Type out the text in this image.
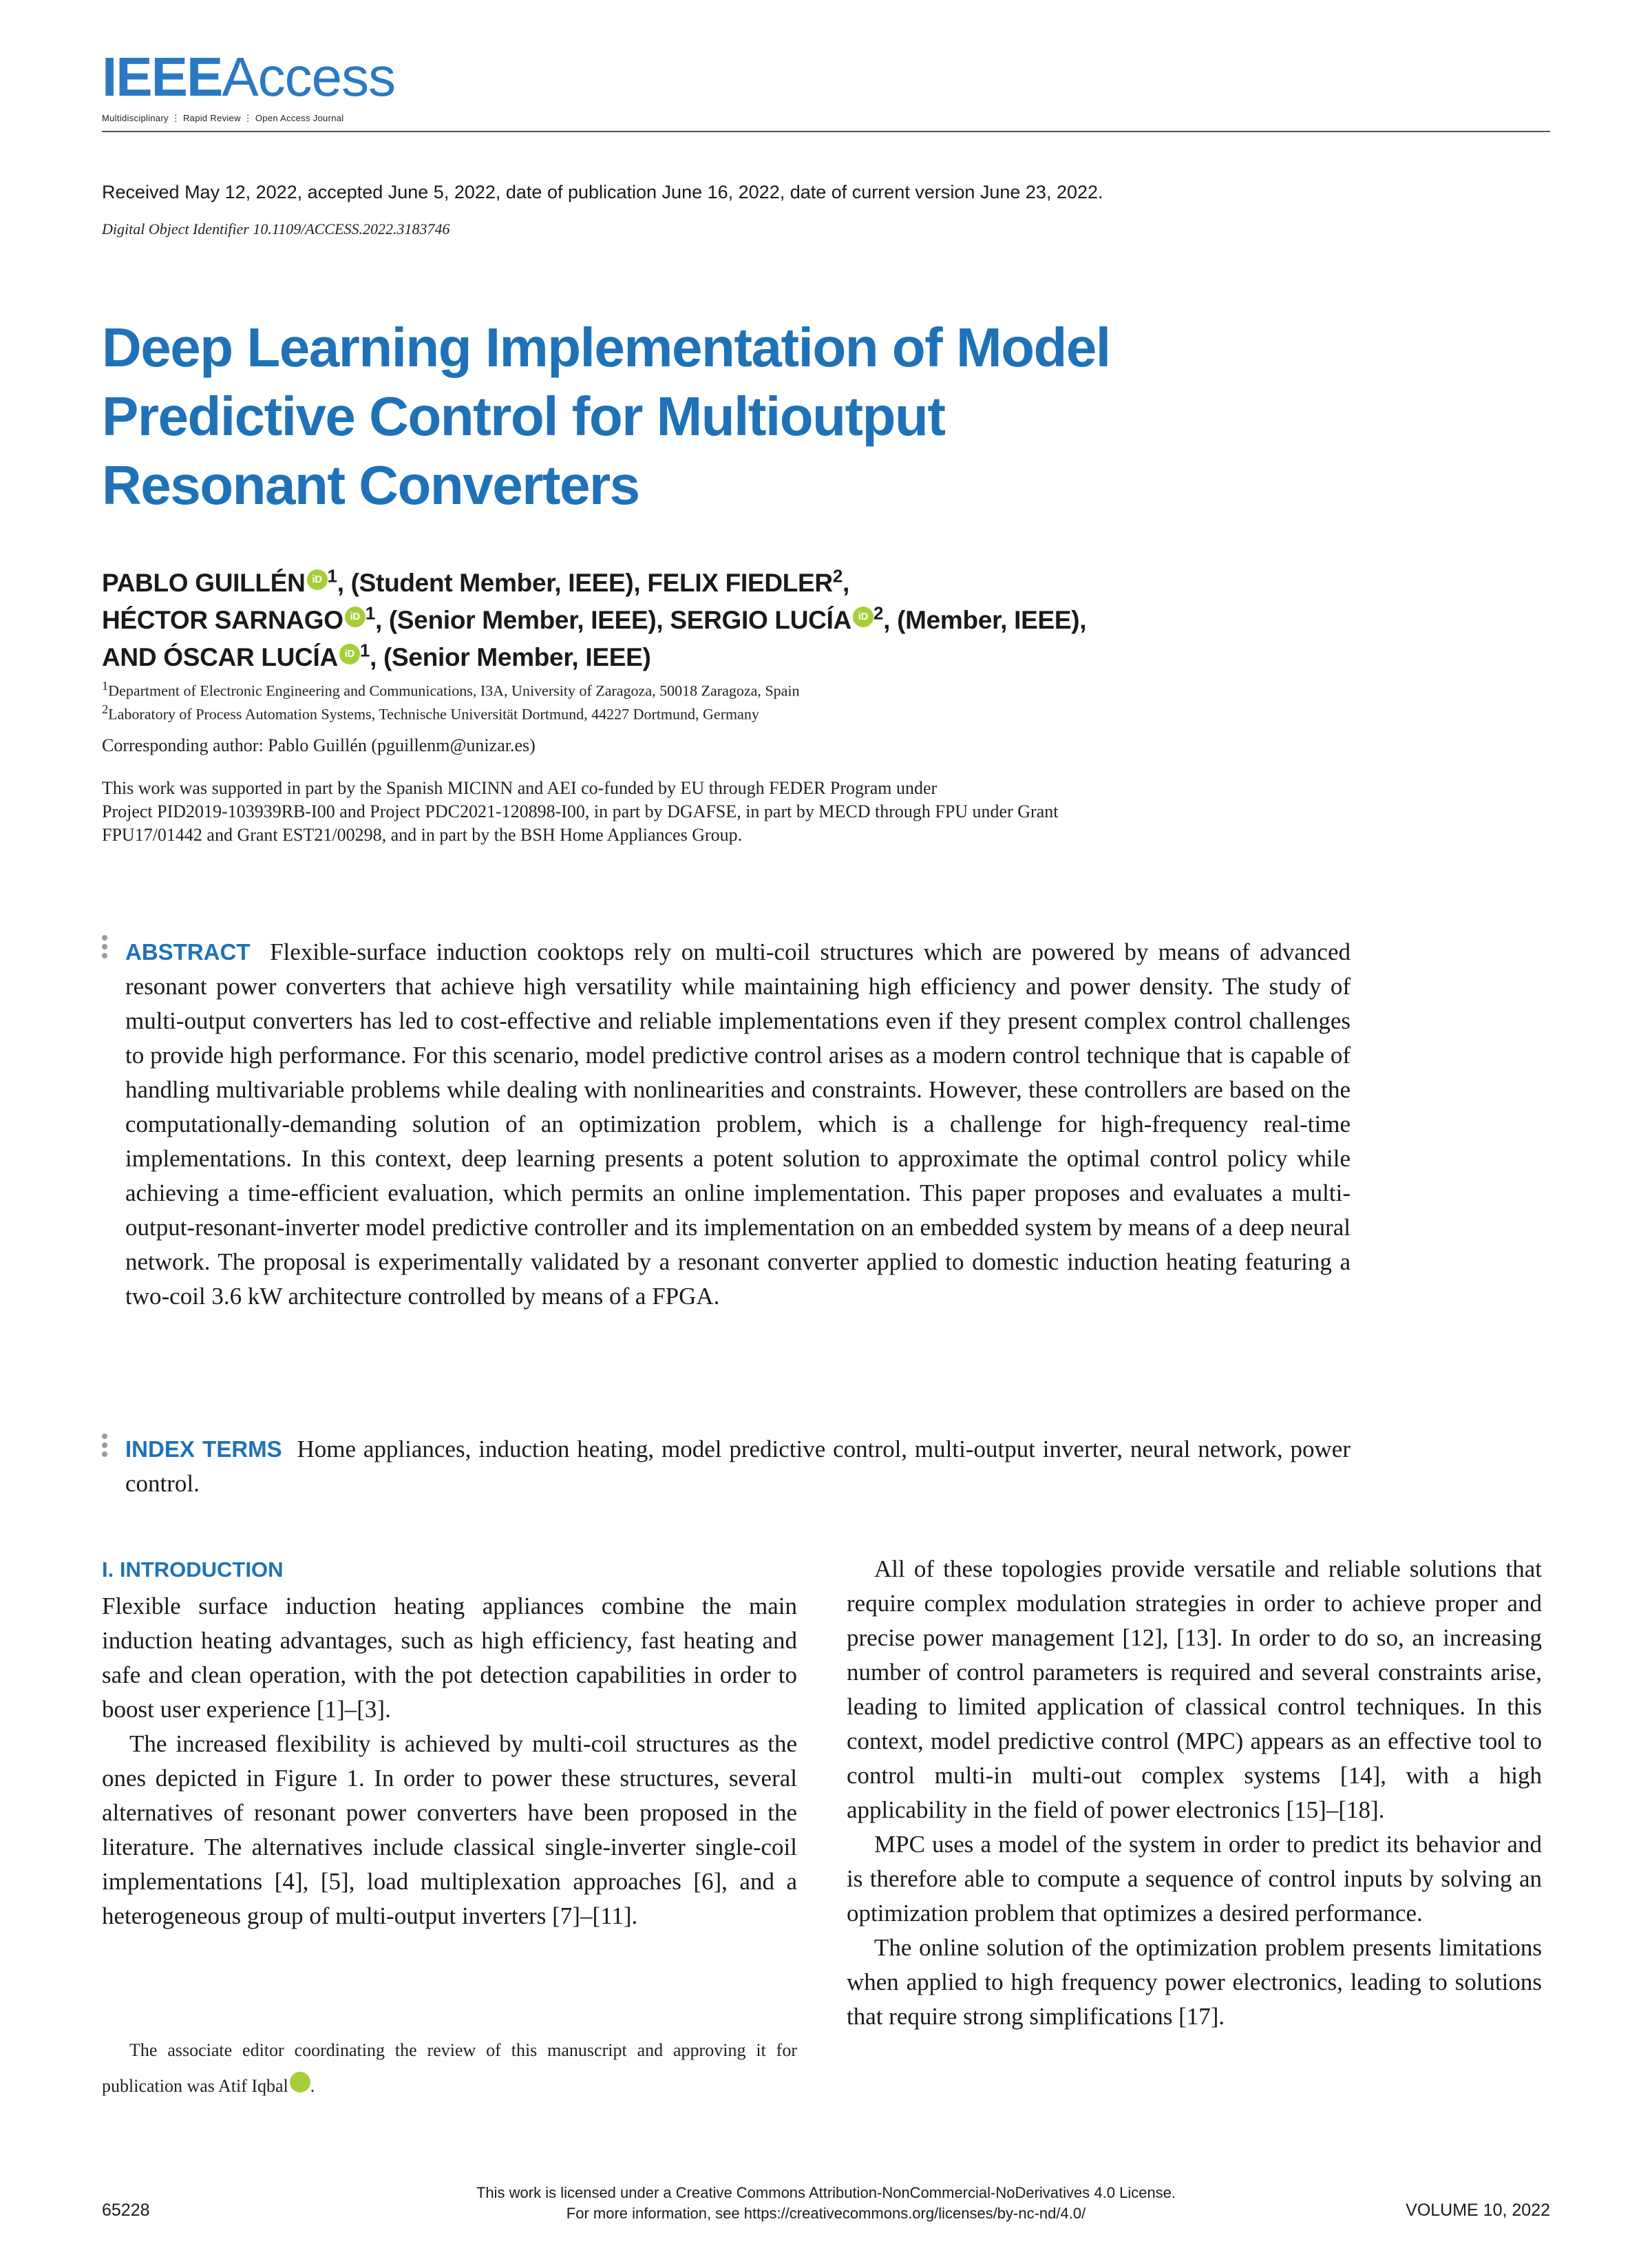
IEEEAccess
Multidisciplinary ⋮ Rapid Review ⋮ Open Access Journal
Received May 12, 2022, accepted June 5, 2022, date of publication June 16, 2022, date of current version June 23, 2022.
Digital Object Identifier 10.1109/ACCESS.2022.3183746
Deep Learning Implementation of Model
Predictive Control for Multioutput
Resonant Converters
PABLO GUILLÉN iD $^1$, (Student Member, IEEE), FELIX FIEDLER$^2$,
HÉCTOR SARNAGO iD $^1$, (Senior Member, IEEE), SERGIO LUCÍA iD $^2$, (Member, IEEE),
AND ÓSCAR LUCÍA iD $^1$, (Senior Member, IEEE)
$^1$Department of Electronic Engineering and Communications, I3A, University of Zaragoza, 50018 Zaragoza, Spain
$^2$Laboratory of Process Automation Systems, Technische Universität Dortmund, 44227 Dortmund, Germany
Corresponding author: Pablo Guillén (pguillenm@unizar.es)
This work was supported in part by the Spanish MICINN and AEI co-funded by EU through FEDER Program under
Project PID2019-103939RB-I00 and Project PDC2021-120898-I00, in part by DGAFSE, in part by MECD through FPU under Grant
FPU17/01442 and Grant EST21/00298, and in part by the BSH Home Appliances Group.
ABSTRACT Flexible-surface induction cooktops rely on multi-coil structures which are powered by means of advanced resonant power converters that achieve high versatility while maintaining high efficiency and power density. The study of multi-output converters has led to cost-effective and reliable implementations even if they present complex control challenges to provide high performance. For this scenario, model predictive control arises as a modern control technique that is capable of handling multivariable problems while dealing with nonlinearities and constraints. However, these controllers are based on the computationally-demanding solution of an optimization problem, which is a challenge for high-frequency real-time implementations. In this context, deep learning presents a potent solution to approximate the optimal control policy while achieving a time-efficient evaluation, which permits an online implementation. This paper proposes and evaluates a multi-output-resonant-inverter model predictive controller and its implementation on an embedded system by means of a deep neural network. The proposal is experimentally validated by a resonant converter applied to domestic induction heating featuring a two-coil 3.6 kW architecture controlled by means of a FPGA.
INDEX TERMS Home appliances, induction heating, model predictive control, multi-output inverter, neural network, power control.
I. INTRODUCTION

Flexible surface induction heating appliances combine the main induction heating advantages, such as high efficiency, fast heating and safe and clean operation, with the pot detection capabilities in order to boost user experience [1]–[3].

The increased flexibility is achieved by multi-coil structures as the ones depicted in Figure 1. In order to power these structures, several alternatives of resonant power converters have been proposed in the literature. The alternatives include classical single-inverter single-coil implementations [4], [5], load multiplexation approaches [6], and a heterogeneous group of multi-output inverters [7]–[11].

All of these topologies provide versatile and reliable solutions that require complex modulation strategies in order to achieve proper and precise power management [12], [13]. In order to do so, an increasing number of control parameters is required and several constraints arise, leading to limited application of classical control techniques. In this context, model predictive control (MPC) appears as an effective tool to control multi-in multi-out complex systems [14], with a high applicability in the field of power electronics [15]–[18].

MPC uses a model of the system in order to predict its behavior and is therefore able to compute a sequence of control inputs by solving an optimization problem that optimizes a desired performance.

The online solution of the optimization problem presents limitations when applied to high frequency power electronics, leading to solutions that require strong simplifications [17].

The associate editor coordinating the review of this manuscript and approving it for publication was Atif Iqbal	iD.

65228
This work is licensed under a Creative Commons Attribution-NonCommercial-NoDerivatives 4.0 License.
For more information, see https://creativecommons.org/licenses/by-nc-nd/4.0/	VOLUME 10, 2022
